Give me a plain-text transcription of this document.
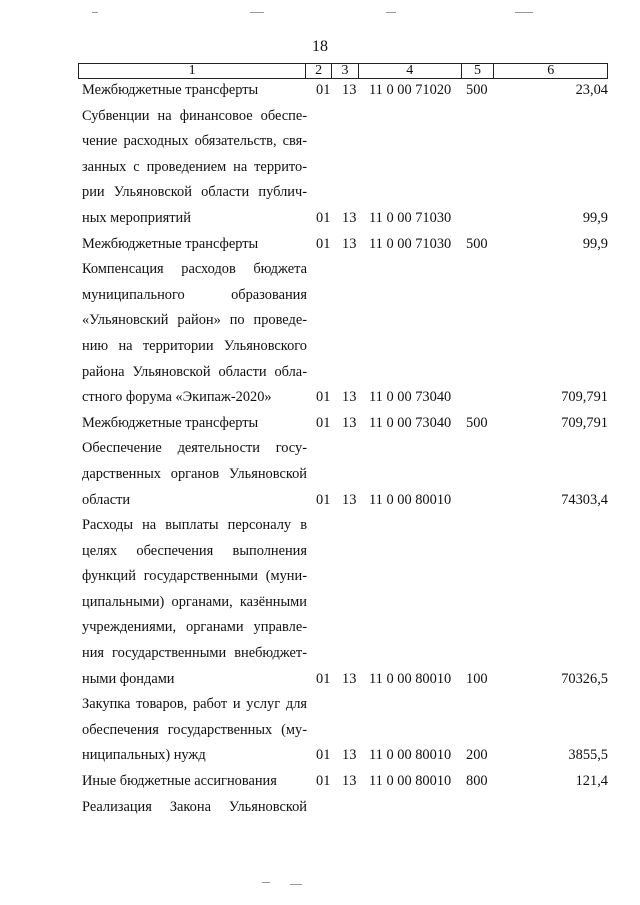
18
1	2	3	4	5	6
Межбюджетные трансферты	01 13 11 0 00 71020 500	23,04
Субвенции на финансовое обеспе-
чение расходных обязательств, свя-
занных с проведением на террито-
рии Ульяновской области публич-
ных мероприятий	01 13 11 0 00 71030	99,9
Межбюджетные трансферты	01 13 11 0 00 71030 500	99,9
Компенсация расходов бюджета
муниципального образования
«Ульяновский район» по проведе-
нию на территории Ульяновского
района Ульяновской области обла-
стного форума «Экипаж-2020»	01 13 11 0 00 73040	709,791
Межбюджетные трансферты	01 13 11 0 00 73040 500	709,791
Обеспечение деятельности госу-
дарственных органов Ульяновской
области	01 13 11 0 00 80010	74303,4
Расходы на выплаты персоналу в
целях обеспечения выполнения
функций государственными (муни-
ципальными) органами, казёнными
учреждениями, органами управле-
ния государственными внебюджет-
ными фондами	01 13 11 0 00 80010 100	70326,5
Закупка товаров, работ и услуг для
обеспечения государственных (му-
ниципальных) нужд	01 13 11 0 00 80010 200	3855,5
Иные бюджетные ассигнования	01 13 11 0 00 80010 800	121,4
Реализация Закона Ульяновской
